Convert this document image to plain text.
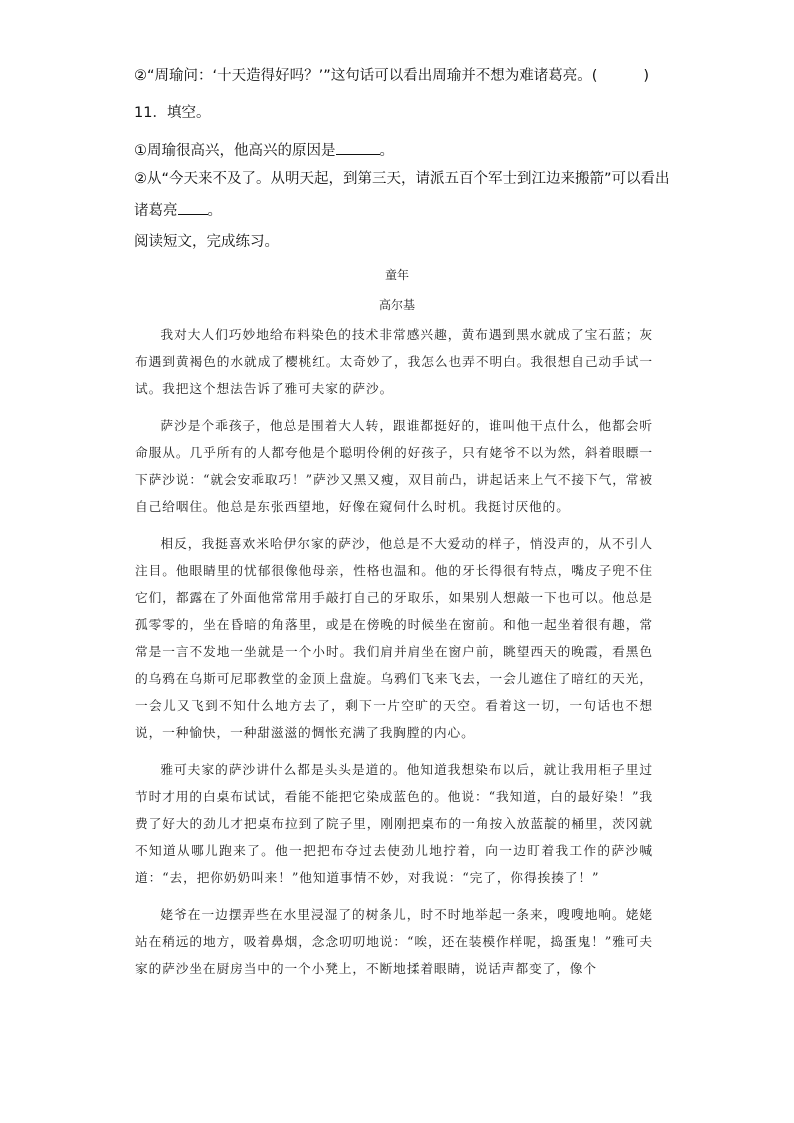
②“周瑜问：‘十天造得好吗？’”这句话可以看出周瑜并不想为难诸葛亮。(	)
11．填空。
①周瑜很高兴，他高兴的原因是	。
②从“今天来不及了。从明天起，到第三天，请派五百个军士到江边来搬箭”可以看出
诸葛亮 。
阅读短文，完成练习。
童年
高尔基

我对大人们巧妙地给布料染色的技术非常感兴趣，黄布遇到黑水就成了宝石蓝；灰布遇到黄褐色的水就成了樱桃红。太奇妙了，我怎么也弄不明白。我很想自己动手试一试。我把这个想法告诉了雅可夫家的萨沙。

萨沙是个乖孩子，他总是围着大人转，跟谁都挺好的，谁叫他干点什么，他都会听命服从。几乎所有的人都夸他是个聪明伶俐的好孩子，只有姥爷不以为然，斜着眼瞟一下萨沙说：“就会安乖取巧！”萨沙又黑又瘦，双目前凸，讲起话来上气不接下气，常被自己给咽住。他总是东张西望地，好像在窥伺什么时机。我挺讨厌他的。

相反，我挺喜欢米哈伊尔家的萨沙，他总是不大爱动的样子，悄没声的，从不引人注目。他眼睛里的忧郁很像他母亲，性格也温和。他的牙长得很有特点，嘴皮子兜不住它们，都露在了外面他常常用手敲打自己的牙取乐，如果别人想敲一下也可以。他总是孤零零的，坐在昏暗的角落里，或是在傍晚的时候坐在窗前。和他一起坐着很有趣，常常是一言不发地一坐就是一个小时。我们肩并肩坐在窗户前，眺望西天的晚霞，看黑色的乌鸦在乌斯可尼耶教堂的金顶上盘旋。乌鸦们飞来飞去，一会儿遮住了暗红的天光，一会儿又飞到不知什么地方去了，剩下一片空旷的天空。看着这一切，一句话也不想说，一种愉快，一种甜滋滋的惆怅充满了我胸膛的内心。

雅可夫家的萨沙讲什么都是头头是道的。他知道我想染布以后，就让我用柜子里过节时才用的白桌布试试，看能不能把它染成蓝色的。他说：“我知道，白的最好染！”我费了好大的劲儿才把桌布拉到了院子里，刚刚把桌布的一角按入放蓝靛的桶里，茨冈就不知道从哪儿跑来了。他一把把布夺过去使劲儿地拧着，向一边盯着我工作的萨沙喊道：“去，把你奶奶叫来！”他知道事情不妙，对我说：“完了，你得挨揍了！”

姥爷在一边摆弄些在水里浸湿了的树条儿，时不时地举起一条来，嗖嗖地响。姥姥站在稍远的地方，吸着鼻烟，念念叨叨地说：“唉，还在装模作样呢，捣蛋鬼！”雅可夫家的萨沙坐在厨房当中的一个小凳上，不断地揉着眼睛，说话声都变了，像个
